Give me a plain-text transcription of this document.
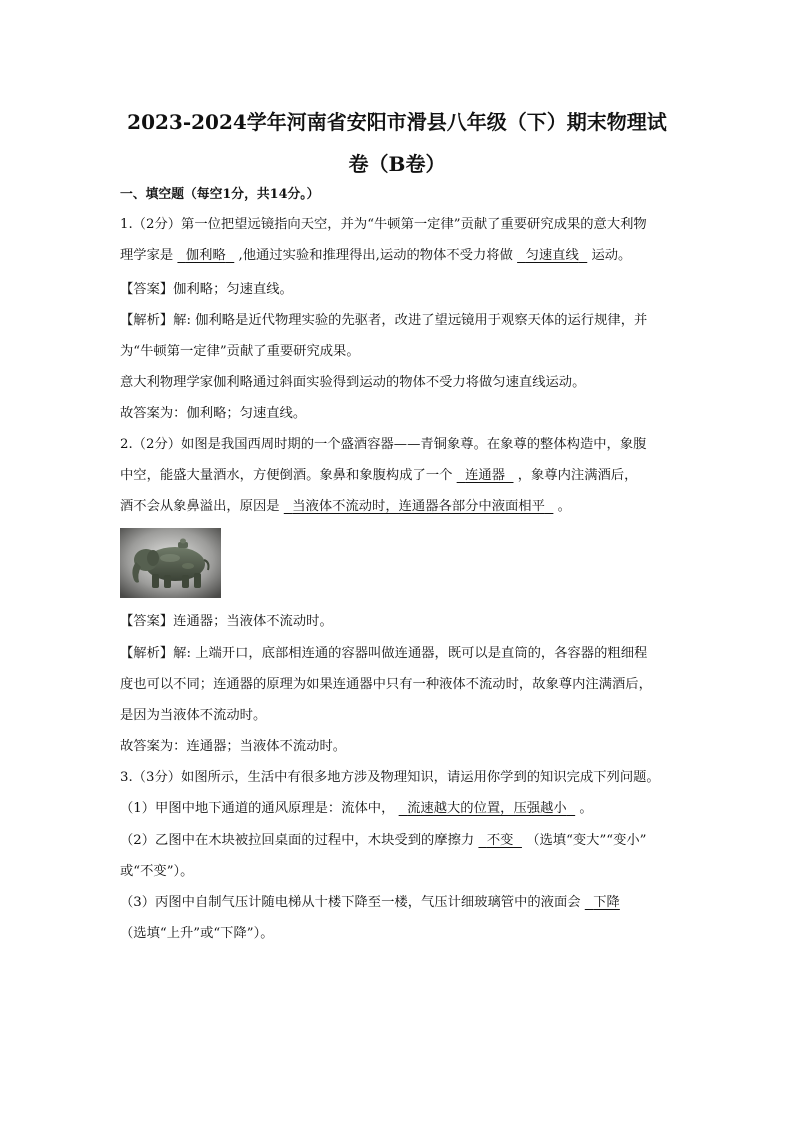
2023-2024学年河南省安阳市滑县八年级（下）期末物理试
卷（B卷）
一、填空题（每空1分，共14分。）
1.（2分）第一位把望远镜指向天空，并为“牛顿第一定律”贡献了重要研究成果的意大利物
理学家是 伽利略 ,他通过实验和推理得出,运动的物体不受力将做 匀速直线 运动。
【答案】伽利略；匀速直线。
【解析】解: 伽利略是近代物理实验的先驱者，改进了望远镜用于观察天体的运行规律，并
为“牛顿第一定律”贡献了重要研究成果。
意大利物理学家伽利略通过斜面实验得到运动的物体不受力将做匀速直线运动。
故答案为：伽利略；匀速直线。
2.（2分）如图是我国西周时期的一个盛酒容器——青铜象尊。在象尊的整体构造中，象腹
中空，能盛大量酒水，方便倒酒。象鼻和象腹构成了一个 连通器 ，象尊内注满酒后，
酒不会从象鼻溢出，原因是 当液体不流动时，连通器各部分中液面相平 。
【答案】连通器；当液体不流动时。
【解析】解: 上端开口，底部相连通的容器叫做连通器，既可以是直筒的，各容器的粗细程
度也可以不同；连通器的原理为如果连通器中只有一种液体不流动时，故象尊内注满酒后，
是因为当液体不流动时。
故答案为：连通器；当液体不流动时。
3.（3分）如图所示，生活中有很多地方涉及物理知识，请运用你学到的知识完成下列问题。
（1）甲图中地下通道的通风原理是：流体中， 流速越大的位置，压强越小 。
（2）乙图中在木块被拉回桌面的过程中，木块受到的摩擦力 不变 （选填“变大”“变小”
或“不变”）。
（3）丙图中自制气压计随电梯从十楼下降至一楼，气压计细玻璃管中的液面会 下降
（选填“上升”或“下降”）。
